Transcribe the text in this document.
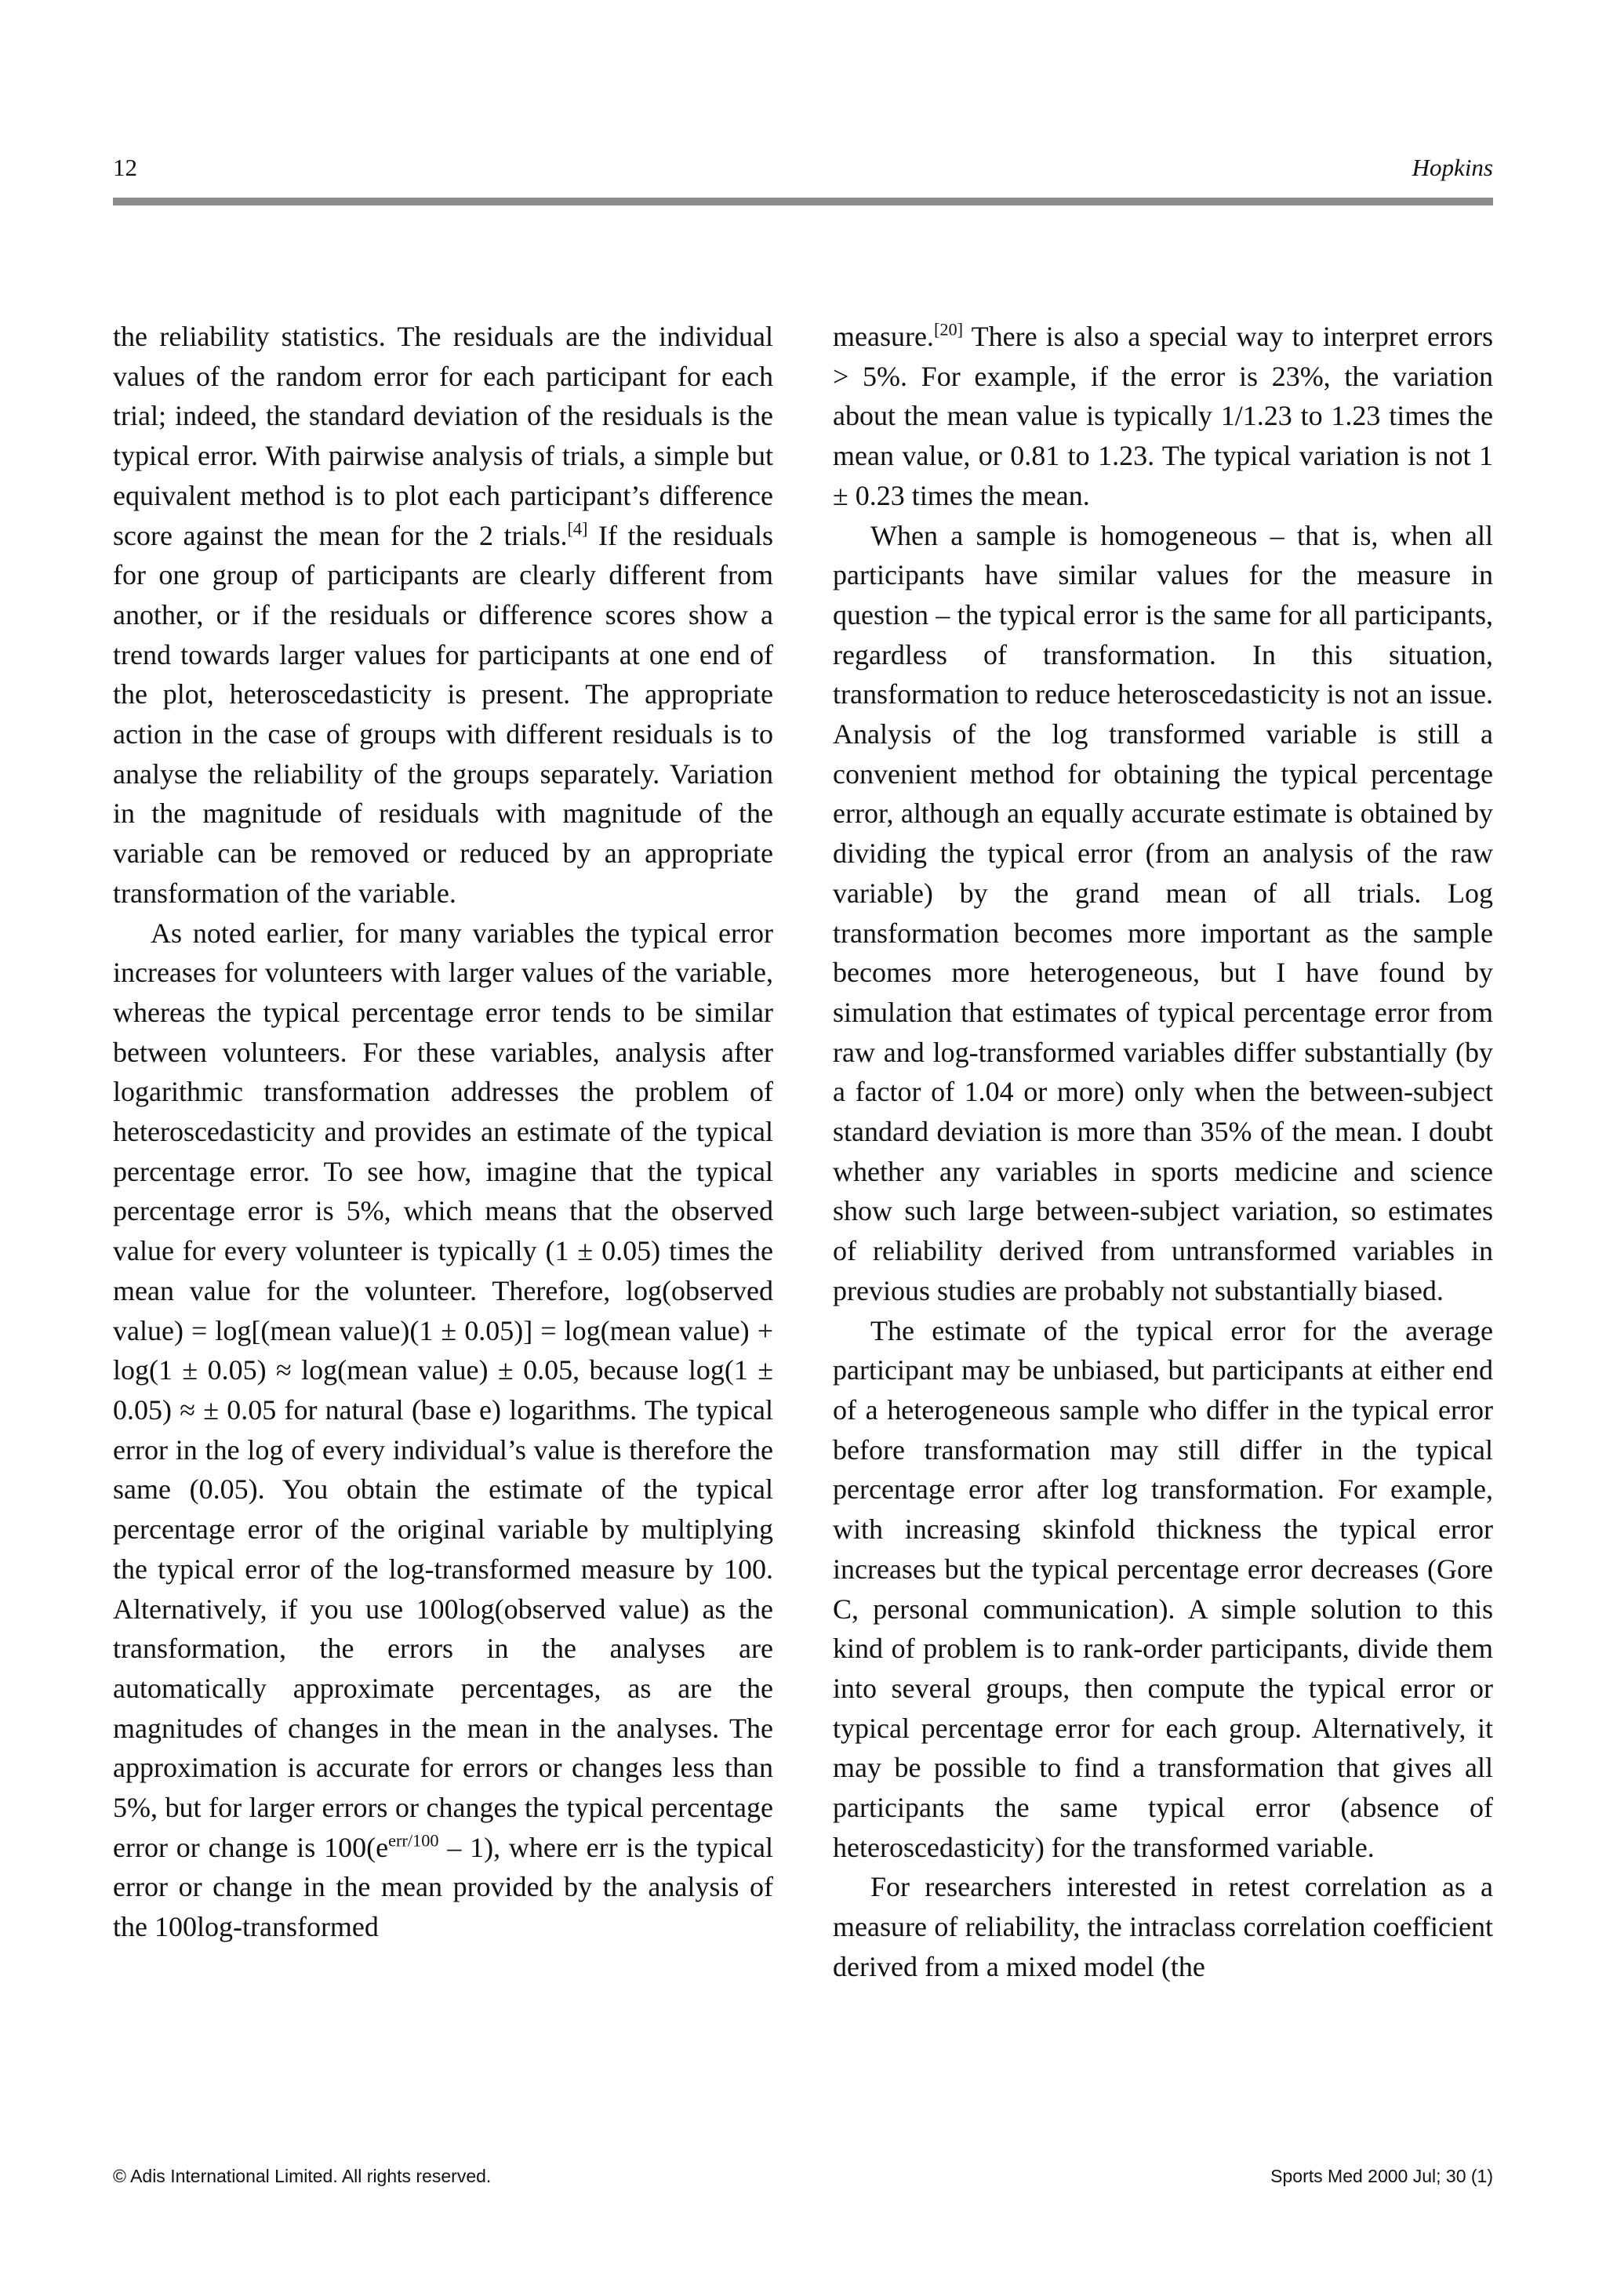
12	Hopkins

the reliability statistics. The residuals are the individual values of the random error for each participant for each trial; indeed, the standard deviation of the residuals is the typical error. With pairwise analysis of trials, a simple but equivalent method is to plot each participant’s difference score against the mean for the 2 trials.[4] If the residuals for one group of participants are clearly different from another, or if the residuals or difference scores show a trend towards larger values for participants at one end of the plot, heteroscedasticity is present. The appropriate action in the case of groups with different residuals is to analyse the reliability of the groups separately. Variation in the magnitude of residuals with magnitude of the variable can be removed or reduced by an appropriate transformation of the variable.

As noted earlier, for many variables the typical error increases for volunteers with larger values of the variable, whereas the typical percentage error tends to be similar between volunteers. For these variables, analysis after logarithmic transformation addresses the problem of heteroscedasticity and provides an estimate of the typical percentage error. To see how, imagine that the typical percentage error is 5%, which means that the observed value for every volunteer is typically (1 ± 0.05) times the mean value for the volunteer. Therefore, log(observed value) = log[(mean value)(1 ± 0.05)] = log(mean value) + log(1 ± 0.05) ≈ log(mean value) ± 0.05, because log(1 ± 0.05) ≈ ± 0.05 for natural (base e) logarithms. The typical error in the log of every individual’s value is therefore the same (0.05). You obtain the estimate of the typical percentage error of the original variable by multiplying the typical error of the log-transformed measure by 100. Alternatively, if you use 100log(observed value) as the transformation, the errors in the analyses are automatically approximate percentages, as are the magnitudes of changes in the mean in the analyses. The approximation is accurate for errors or changes less than 5%, but for larger errors or changes the typical percentage error or change is $100(e^{err/100} - 1)$, where err is the typical error or change in the mean provided by the analysis of the 100log-transformed

measure.[20] There is also a special way to interpret errors > 5%. For example, if the error is 23%, the variation about the mean value is typically 1/1.23 to 1.23 times the mean value, or 0.81 to 1.23. The typical variation is not 1 ± 0.23 times the mean.

When a sample is homogeneous – that is, when all participants have similar values for the measure in question – the typical error is the same for all participants, regardless of transformation. In this situation, transformation to reduce heteroscedasticity is not an issue. Analysis of the log transformed variable is still a convenient method for obtaining the typical percentage error, although an equally accurate estimate is obtained by dividing the typical error (from an analysis of the raw variable) by the grand mean of all trials. Log transformation becomes more important as the sample becomes more heterogeneous, but I have found by simulation that estimates of typical percentage error from raw and log-transformed variables differ substantially (by a factor of 1.04 or more) only when the between-subject standard deviation is more than 35% of the mean. I doubt whether any variables in sports medicine and science show such large between-subject variation, so estimates of reliability derived from untransformed variables in previous studies are probably not substantially biased.

The estimate of the typical error for the average participant may be unbiased, but participants at either end of a heterogeneous sample who differ in the typical error before transformation may still differ in the typical percentage error after log transformation. For example, with increasing skinfold thickness the typical error increases but the typical percentage error decreases (Gore C, personal communication). A simple solution to this kind of problem is to rank-order participants, divide them into several groups, then compute the typical error or typical percentage error for each group. Alternatively, it may be possible to find a transformation that gives all participants the same typical error (absence of heteroscedasticity) for the transformed variable.

For researchers interested in retest correlation as a measure of reliability, the intraclass correlation coefficient derived from a mixed model (the

© Adis International Limited. All rights reserved.	Sports Med 2000 Jul; 30 (1)
